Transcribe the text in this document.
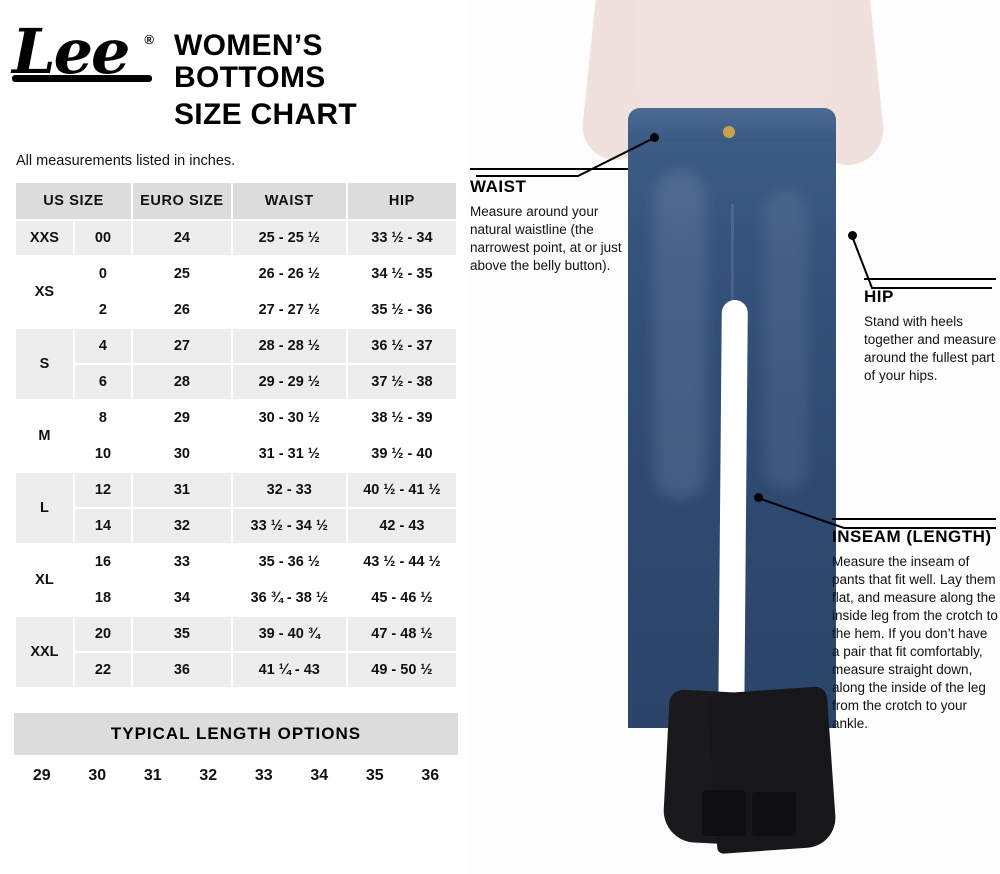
Lee	® WOMEN’S BOTTOMS
SIZE CHART
All measurements listed in inches.
US SIZE		EURO SIZE	WAIST	HIP
XXS	00	24	25 - 25 ½	33 ½ - 34
XS	0	25	26 - 26 ½	34 ½ - 35
	2	26	27 - 27 ½	35 ½ - 36
S	4	27	28 - 28 ½	36 ½ - 37
	6	28	29 - 29 ½	37 ½ - 38
M	8	29	30 - 30 ½	38 ½ - 39
	10	30	31 - 31 ½	39 ½ - 40
L	12	31	32 - 33	40 ½ - 41 ½
	14	32	33 ½ - 34 ½	42 - 43
XL	16	33	35 - 36 ½	43 ½ - 44 ½
	18	34	36 ¾ - 38 ½	45 - 46 ½
XXL	20	35	39 - 40 ¾	47 - 48 ½
	22	36	41 ¼ - 43	49 - 50 ½
TYPICAL LENGTH OPTIONS
29	30	31	32	33	34	35	36
WAIST

Measure around your natural waistline (the narrowest point, at or just above the belly button).

HIP

Stand with heels together and measure around the fullest part of your hips.

INSEAM (LENGTH)

Measure the inseam of pants that fit well. Lay them flat, and measure along the inside leg from the crotch to the hem. If you don’t have a pair that fit comfortably, measure straight down, along the inside of the leg from the crotch to your ankle.
